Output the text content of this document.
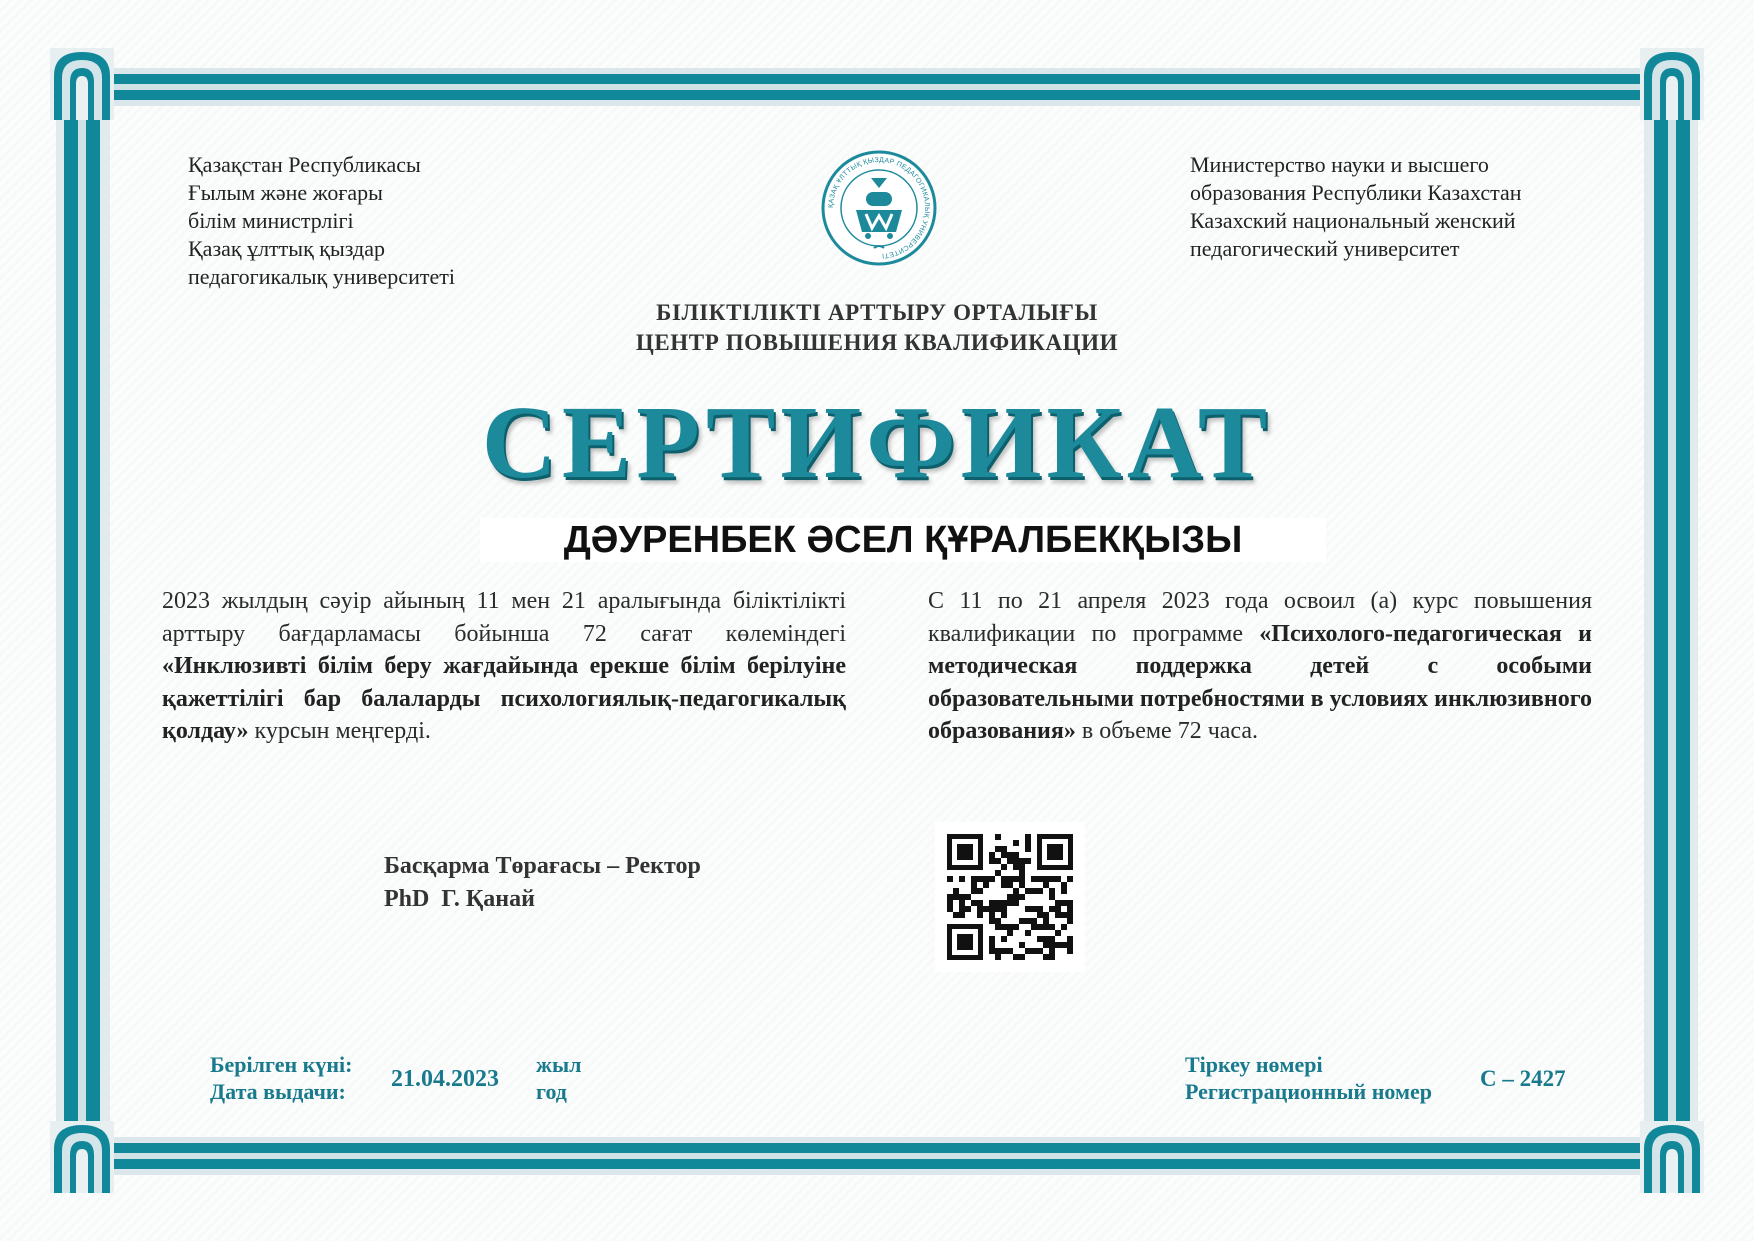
Қазақстан Республикасы
Ғылым және жоғары
білім министрлігі
Қазақ ұлттық қыздар
педагогикалық университеті
Министерство науки и высшего
образования Республики Казахстан
Казахский национальный женский
педагогический университет
ҚАЗАҚ ҰЛТТЫҚ ҚЫЗДАР ПЕДАГОГИКАЛЫҚ УНИВЕРСИТЕТІ
БІЛІКТІЛІКТІ АРТТЫРУ ОРТАЛЫҒЫ
ЦЕНТР ПОВЫШЕНИЯ КВАЛИФИКАЦИИ
СЕРТИФИКАТ
ДӘУРЕНБЕК ӘСЕЛ ҚҰРАЛБЕКҚЫЗЫ
2023 жылдың сәуір айының 11 мен 21 аралығында біліктілікті арттыру бағдарламасы бойынша 72 сағат көлеміндегі «Инклюзивті білім беру жағдайында ерекше білім берілуіне қажеттілігі бар балаларды психологиялық-педагогикалық қолдау» курсын меңгерді.
С 11 по 21 апреля 2023 года освоил (а) курс повышения квалификации по программе «Психолого-педагогическая и методическая поддержка детей с особыми образовательными потребностями в условиях инклюзивного образования» в объеме 72 часа.
Басқарма Төрағасы – Ректор
PhD  Г. Қанай
Берілген күні:
Дата выдачи: 21.04.2023
жыл
год
Тіркеу нөмері
Регистрационный номер
С – 2427
